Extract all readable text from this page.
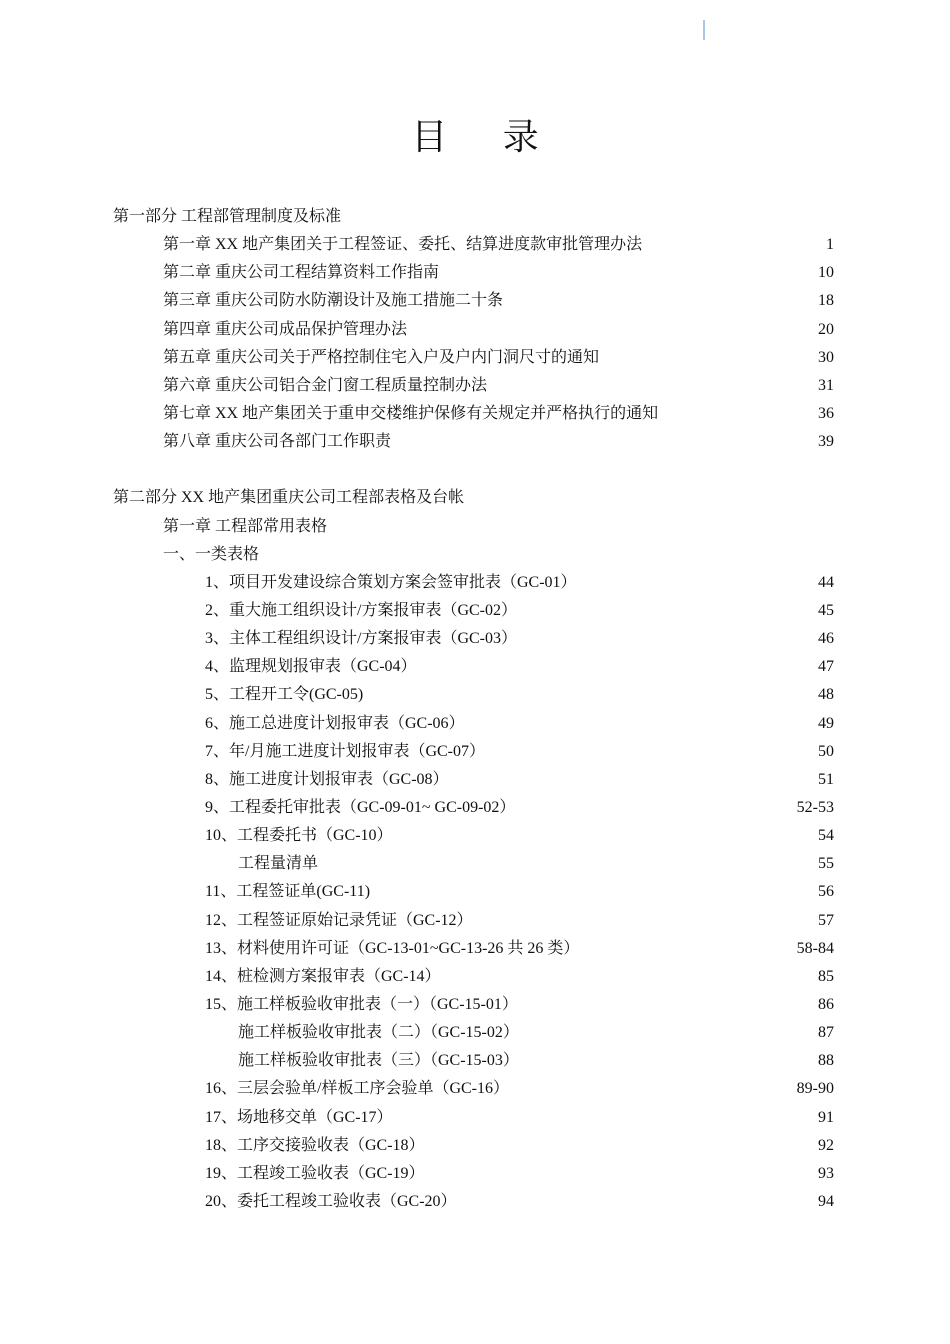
目 录
第一部分 工程部管理制度及标准
第一章 XX 地产集团关于工程签证、委托、结算进度款审批管理办法	1
第二章 重庆公司工程结算资料工作指南	10
第三章 重庆公司防水防潮设计及施工措施二十条	18
第四章 重庆公司成品保护管理办法	20
第五章 重庆公司关于严格控制住宅入户及户内门洞尺寸的通知	30
第六章 重庆公司铝合金门窗工程质量控制办法	31
第七章 XX 地产集团关于重申交楼维护保修有关规定并严格执行的通知	36
第八章 重庆公司各部门工作职责	39
第二部分 XX 地产集团重庆公司工程部表格及台帐
第一章 工程部常用表格
一、一类表格
1、项目开发建设综合策划方案会签审批表（GC-01）	44
2、重大施工组织设计/方案报审表（GC-02）	45
3、主体工程组织设计/方案报审表（GC-03）	46
4、监理规划报审表（GC-04）	47
5、工程开工令(GC-05)	48
6、施工总进度计划报审表（GC-06）	49
7、年/月施工进度计划报审表（GC-07）	50
8、施工进度计划报审表（GC-08）	51
9、工程委托审批表（GC-09-01~ GC-09-02）	52-53
10、工程委托书（GC-10）	54
工程量清单	55
11、工程签证单(GC-11)	56
12、工程签证原始记录凭证（GC-12）	57
13、材料使用许可证（GC-13-01~GC-13-26 共 26 类）	58-84
14、桩检测方案报审表（GC-14）	85
15、施工样板验收审批表（一）（GC-15-01）	86
施工样板验收审批表（二）（GC-15-02）	87
施工样板验收审批表（三）（GC-15-03）	88
16、三层会验单/样板工序会验单（GC-16）	89-90
17、场地移交单（GC-17）	91
18、工序交接验收表（GC-18）	92
19、工程竣工验收表（GC-19）	93
20、委托工程竣工验收表（GC-20）	94
